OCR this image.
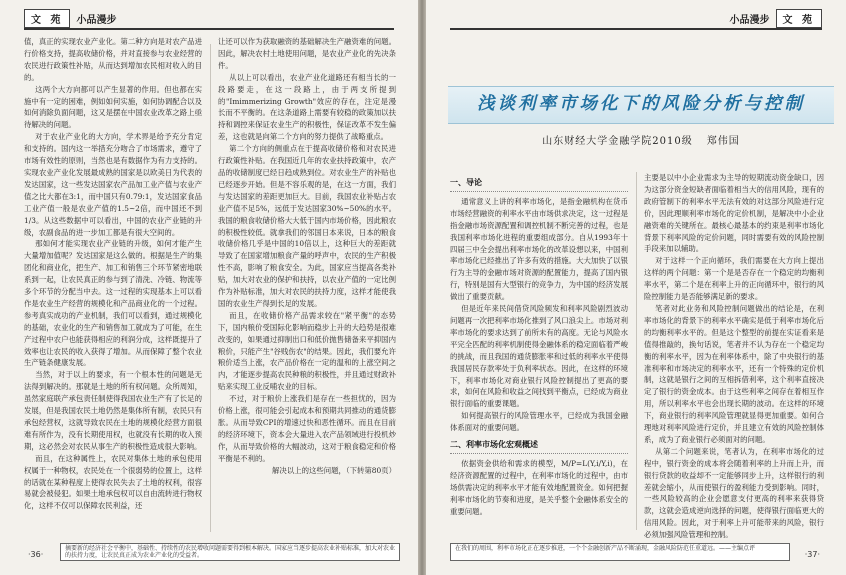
文 苑	小品漫步

值，真正的实现农业产业化。第二种方向是对农产品进行价格支持，提高收储价格，并对直接参与农业经营的农民进行政策性补贴，从而达到增加农民相对收入的目的。

这两个大方向都可以产生显著的作用。但也都在实施中有一定的困难，例如如何实施，如何协调配合以及如何消除负面问题，这又是摆在中国农业改革之路上亟待解决的问题。

对于农业产业化的大方向，学术界是给予充分肯定和支持的。国内这一举措充分吻合了市场需求，遵守了市场有效性的原则，当然也是有数据作为有力支持的。实现农业产业化发展最成熟的国家是以欧美日为代表的发达国家，这一些发达国家农产品加工业产值与农业产值之比大都在3:1，而中国只有0.79:1，发达国家食品工业产值一般是农业产值的1.5~2倍，而中国还不到1/3。从这些数据中可以看出，中国的农业产业链的升级，农副食品的进一步加工都是有很大空间的。

那如何才能实现农业产业链的升级，如何才能产生大量增加值呢？发达国家是这么做的。根据是生产的集团化和商业化，把生产、加工和销售三个环节紧密地联系到一起，让农民真正的参与到了清洗、冷链、物流等多个环节的分配当中去。这一过程的实现基本上可以看作是农业生产经营的规模化和产品商业化的一个过程。参考真实成功的产业机制，我们可以看到，通过规模化的基础，农业化的生产和销售加工就成为了可能，在生产过程中农户也能获得相应的利润分成，这样既提升了效率也让农民的收入获得了增加。从而保障了整个农业生产链条健康发展。

当然，对于以上的要求，有一个根本性的问题是无法得到解决的。那就是土地的所有权问题。众所周知，虽然家庭联产承包责任制使得我国农业生产有了长足的发展，但是我国农民土地仍然是集体所有制，农民只有承包经营权，这就导致农民在土地的规模化经营方面很难有所作为，没有长期使用权，也就没有长期的收入预期，这必然会对农民从事生产的积极性造成很大影响。

而且，在这种属性上，农民对集体土地的承包使用权属于一种物权，农民处在一个很弱势的位置上，这样的话就在某种程度上使得农民失去了土地的权利，很容易就会被侵犯。如果土地承包权可以自由流转进行物权化，这样不仅可以保障农民利益，还

让还可以作为获取融资的基础解决生产融资难的问题。因此，解决农村土地使用问题，是农业产业化的先决条件。

从以上可以看出，农业产业化道路还有相当长的一段路要走，在这一段路上，由于两支所提到的"Imimmerizing Growth"效应的存在，注定是漫长而不平衡的。在这条道路上需要有较稳的政策加以扶持和调控来保证农业生产的积极性，保证改革不发生偏差，这也就是向第二个方向的努力提供了战略重点。

第二个方向的侧重点在于提高收储价格和对农民进行政策性补贴。在我国近几年的农业扶持政策中，农产品的收储制度已经日趋成熟到位。对农业生产的补贴也已经逐步开始。但是不容乐观的是，在这一方面，我们与发达国家的差距更加巨大。目前，我国农业补贴占农业产值不足5%，远低于发达国家30%~50%的水平。我国的粮食收储价格大大低于国内市场价格，因此粮农的积极性较低。就拿我们的邻国日本来说，日本的粮食收储价格几乎是中国的10倍以上，这种巨大的差距就导致了在国家增加粮食产量的呼声中，农民的生产积极性不高，影响了粮食安全。为此，国家应当提高各类补贴，加大对农业的保护和扶持，以农业产值的一定比例作为补贴标准，加大对农民的扶持力度，这样才能使我国的农业生产得到长足的发展。

而且，在收储价格产品需求较在"紧平衡"的态势下，国内粮价受国际化影响而稳步上升的大趋势是很难改变的，如果通过抑制出口和低价抛售储备来平抑国内粮价，只能产生"谷贱伤农"的结果。因此，我们要允许粮价适当上涨，农产品价格在一定的温和的上涨空间之内，才能逐步提高农民种粮的积极性，并且通过财政补贴来实现工业反哺农业的目标。

不过，对于粮价上涨我们是存在一些担忧的，因为价格上涨，很可能会引起成本和预期共同推动的通货膨胀。从而导致CPI的增速过快和恶性循环。而且在目前的经济环境下，资本会大量进入农产品领域进行投机炒作，从而导致价格的大幅波动，这对于粮食稳定和价格平衡是不利的。

解决以上的这些问题，（下转第80页）

·36·
摘要新的经济社会平衡中，基础性、持续性的农民增收问题需要得到根本解决。国家应当逐步提高农业补贴标准，加大对农业的扶持力度，让农民真正成为农业产业化的受益者。
小品漫步	文 苑
浅谈利率市场化下的风险分析与控制
山东财经大学金融学院2010级 郑伟国
一、导论

通常意义上讲的利率市场化，是指金融机构在货币市场经营融资的利率水平由市场供求决定，这一过程是指金融市场资源配置和调控机制不断完善的过程，也是我国利率市场化进程的重要组成部分。自从1993年十四届三中全会提出利率市场化的改革设想以来，中国利率市场化已经推出了许多有效的措施。大大加快了以银行为主导的金融市场对资源的配置能力，提高了国内银行，特别是国有大型银行的竞争力，为中国的经济发展做出了重要贡献。

但是近年来民间借贷风险频发和利率风险剧烈波动问题再一次把利率市场化推到了风口浪尖上。市场对利率市场化的要求达到了前所未有的高度。无论与风险水平完全匹配的利率机制使得金融体系的稳定面临着严峻的挑战，而且我国的通货膨胀率和过低的利率水平使得我国居民存款率处于负利率状态。因此，在这样的环境下，利率市场化对商业银行风险控制提出了更高的要求，如何在风险和收益之间找到平衡点，已经成为商业银行面临的重要课题。

如何提高银行的风险管理水平，已经成为我国金融体系面对的重要问题。

二、利率市场化宏观概述

依据资金供给和需求的模型，M/P=L(Y,i/Y,i)，在经济资源配置的过程中，在利率市场化的过程中，由市场供需决定的利率水平才能有效地配置资金。如何把握利率市场化的节奏和进度，是关乎整个金融体系安全的重要问题。

主要是以中小企业需求为主导的短期流动资金缺口，因为这部分资金短缺者面临着相当大的信用风险，现有的政府管制下的利率水平无法有效的对这部分风险进行定价，因此理顺利率市场化的定价机制，是解决中小企业融资难的关键所在。最核心最基本的约束是利率市场化背景下利率风险的定价问题，同时需要有效的风险控制手段来加以辅助。

对于这样一个正向循环，我们需要在大方向上提出这样的两个问题：第一个是是否存在一个稳定的均衡利率水平，第二个是在利率上升的正向循环中，银行的风险控制能力是否能够满足新的要求。

笔者对此业务和风险控制问题做出的结论是，在利率市场化的背景下的利率水平确实是低于利率市场化后的均衡利率水平的。但是这个整型的前提在实证看来是值得推敲的，换句话说，笔者并不认为存在一个稳定均衡的利率水平，因为在利率体系中，除了中央银行的基准利率和市场决定的利率水平，还有一个特殊的定价机制，这就是银行之间的互相拆借利率，这个利率直接决定了银行的资金成本。由于这些利率之间存在着相互作用，所以利率水平也会出现长期的波动。在这样的环境下，商业银行的利率风险管理就显得更加重要。如何合理地对利率风险进行定价，并且建立有效的风险控制体系，成为了商业银行必须面对的问题。

从第二个问题来说，笔者认为，在利率市场化的过程中，银行资金的成本将会随着利率的上升而上升，而银行贷款的收益却不一定能够同步上升，这样银行的利差就会缩小，从而使银行的盈利能力受到影响。同时，一些风险较高的企业会愿意支付更高的利率来获得贷款，这就会造成逆向选择的问题，使得银行面临更大的信用风险。因此，对于利率上升可能带来的风险，银行必须加强风险管理和控制。

在我们的周围，利率市场化正在逐步推进，一个个金融创新产品不断涌现，金融风险防范任重道远。——主编点评
·37·
